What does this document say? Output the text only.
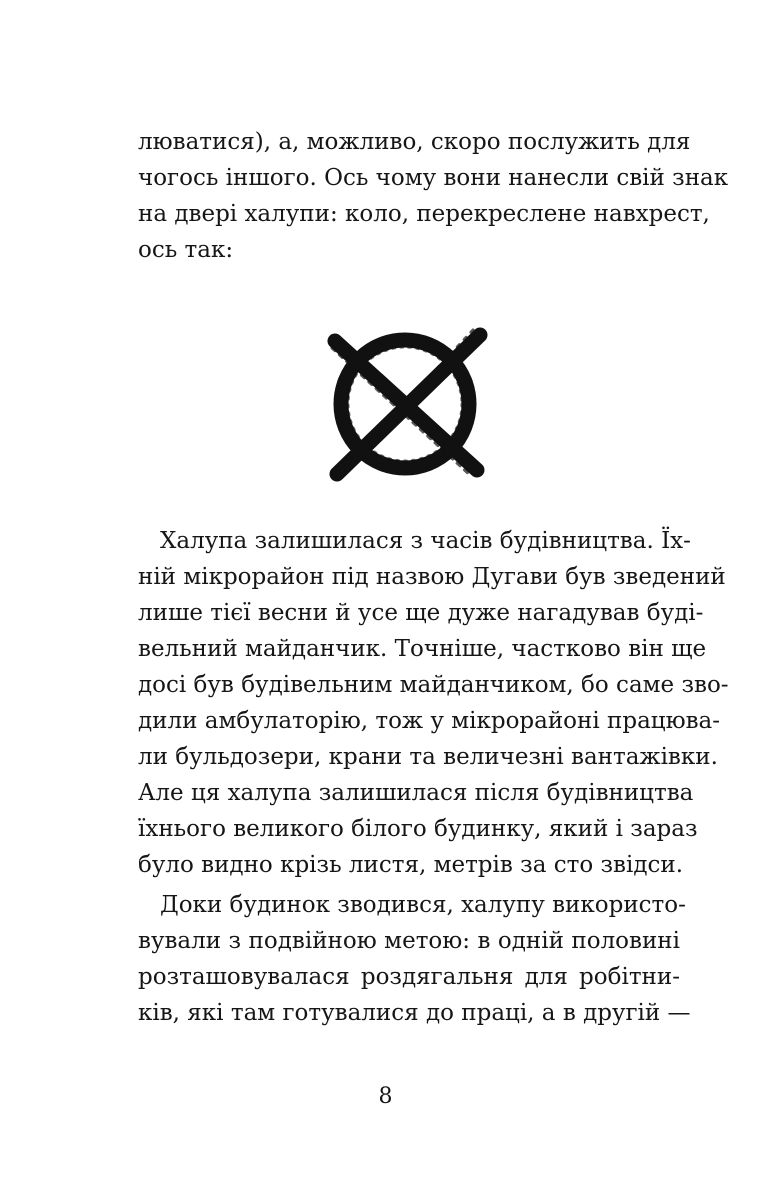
люватися), а, можливо, скоро послужить для
чогось іншого. Ось чому вони нанесли свій знак
на двері халупи: коло, перекреслене навхрест,
ось так:
Халупа залишилася з часів будівництва. Їх-
ній мікрорайон під назвою Дугави був зведений
лише тієї весни й усе ще дуже нагадував буді-
вельний майданчик. Точніше, частково він ще
досі був будівельним майданчиком, бо саме зво-
дили амбулаторію, тож у мікрорайоні працюва-
ли бульдозери, крани та величезні вантажівки.
Але ця халупа залишилася після будівництва
їхнього великого білого будинку, який і зараз
було видно крізь листя, метрів за сто звідси.
Доки будинок зводився, халупу використо-
вували з подвійною метою: в одній половині
розташовувалася роздягальня для робітни-
ків, які там готувалися до праці, а в другій —
8
